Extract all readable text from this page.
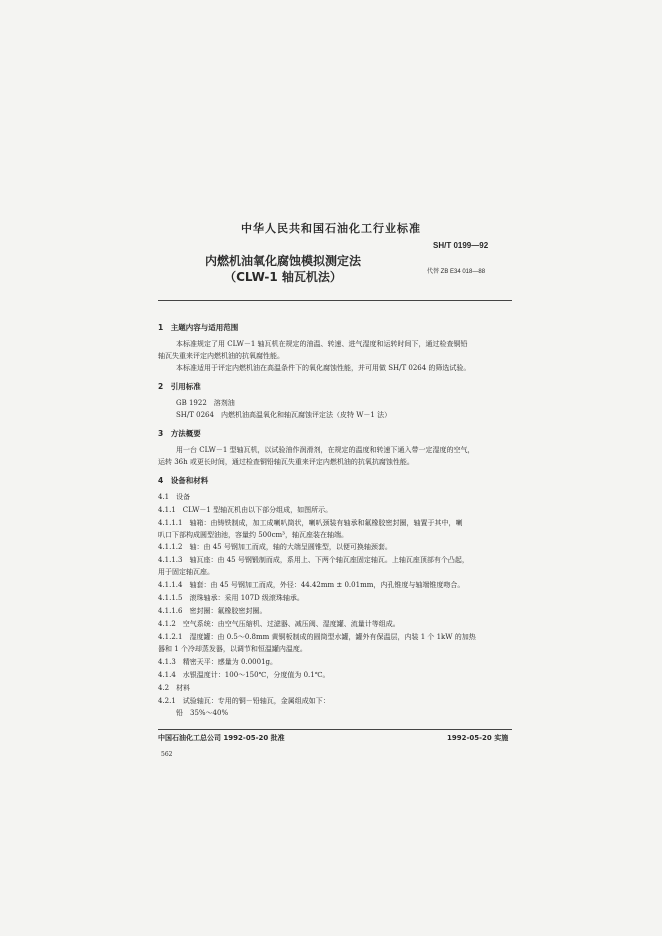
中华人民共和国石油化工行业标准
SH/T 0199—92
内燃机油氧化腐蚀模拟测定法
（CLW-1 轴瓦机法）	代替 ZB E34 018—88
1　主题内容与适用范围
本标准规定了用 CLW－1 轴瓦机在规定的油温、转速、进气湿度和运转时间下，通过检查铜铅
轴瓦失重来评定内燃机油的抗氧腐性能。
本标准适用于评定内燃机油在高温条件下的氧化腐蚀性能，并可用做 SH/T 0264 的筛选试验。
2　引用标准
GB 1922　溶剂油
SH/T 0264　内燃机油高温氧化和轴瓦腐蚀评定法（皮特 W－1 法）
3　方法概要
用一台 CLW－1 型轴瓦机，以试验油作润滑剂，在规定的温度和转速下通入带一定湿度的空气，
运转 36h 或更长时间，通过检查铜铅轴瓦失重来评定内燃机油的抗氧抗腐蚀性能。
4　设备和材料
4.1　设备
4.1.1　CLW－1 型轴瓦机由以下部分组成，如图所示。
4.1.1.1　轴箱：由铸铁制成，加工成喇叭筒状，喇叭颈装有轴承和氟橡胶密封圈，轴置于其中，喇
叭口下部构成圆型油池，容量约 500cm³，轴瓦座装在轴端。
4.1.1.2　轴：由 45 号钢加工而成，轴的大端呈圆锥型，以便可换轴颈套。
4.1.1.3　轴瓦座：由 45 号钢锻制而成，系用上、下两个轴瓦座固定轴瓦。上轴瓦座顶部有个凸起，
用于固定轴瓦座。
4.1.1.4　轴套：由 45 号钢加工而成，外径：44.42mm ± 0.01mm，内孔锥度与轴端锥度吻合。
4.1.1.5　滚珠轴承：采用 107D 级滚珠轴承。
4.1.1.6　密封圈：氟橡胶密封圈。
4.1.2　空气系统：由空气压缩机、过滤器、减压阀、湿度罐、流量计等组成。
4.1.2.1　湿度罐：由 0.5～0.8mm 黄铜板制成的圆筒型水罐，罐外有保温层，内装 1 个 1kW 的加热
器和 1 个冷却蒸发器，以调节和恒温罐内温度。
4.1.3　精密天平：感量为 0.0001g。
4.1.4　水银温度计：100～150℃，分度值为 0.1℃。
4.2　材料
4.2.1　试验轴瓦：专用的铜－铅轴瓦，金属组成如下：
铅　35%～40%
中国石油化工总公司 1992-05-20 批准	1992-05-20 实施
562
